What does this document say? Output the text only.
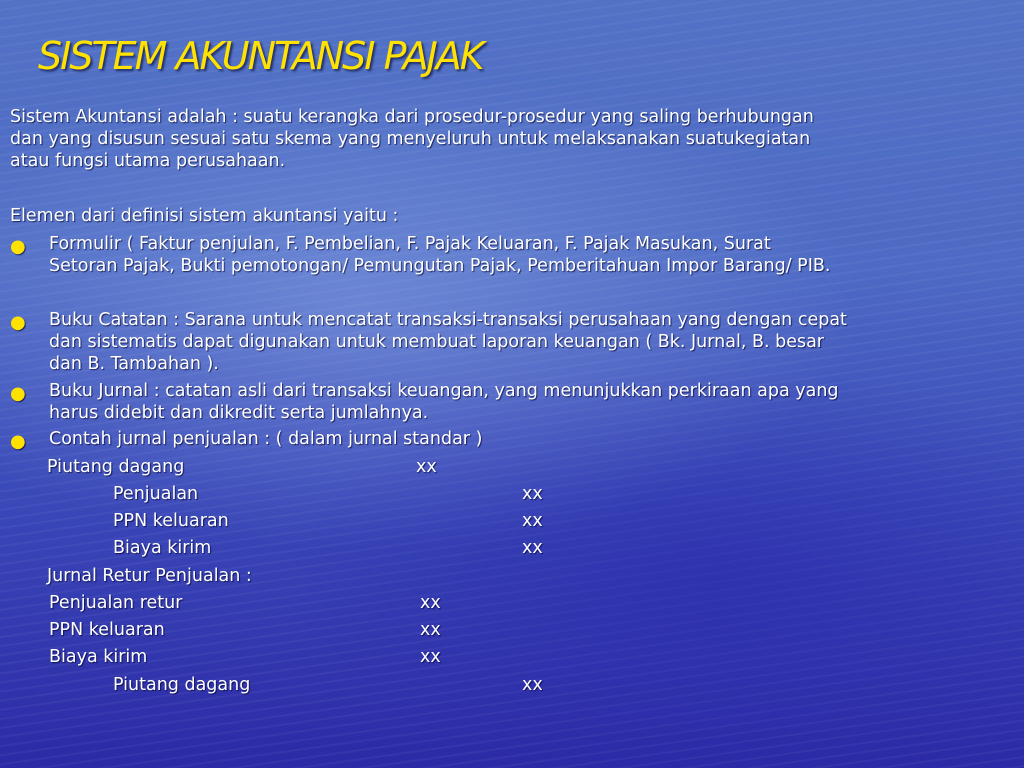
SISTEM AKUNTANSI PAJAK
Sistem Akuntansi adalah : suatu kerangka dari prosedur-prosedur yang saling berhubungan
dan yang disusun sesuai satu skema yang menyeluruh untuk melaksanakan suatukegiatan
atau fungsi utama perusahaan.
Elemen dari definisi sistem akuntansi yaitu :
● Formulir ( Faktur penjulan, F. Pembelian, F. Pajak Keluaran, F. Pajak Masukan, Surat
Setoran Pajak, Bukti pemotongan/ Pemungutan Pajak, Pemberitahuan Impor Barang/ PIB.
● Buku Catatan : Sarana untuk mencatat transaksi-transaksi perusahaan yang dengan cepat
dan sistematis dapat digunakan untuk membuat laporan keuangan ( Bk. Jurnal, B. besar
dan B. Tambahan ).
● Buku Jurnal : catatan asli dari transaksi keuangan, yang menunjukkan perkiraan apa yang
harus didebit dan dikredit serta jumlahnya.
● Contah jurnal penjualan : ( dalam jurnal standar )
Piutang dagang	xx
Penjualan	xx
PPN keluaran	xx
Biaya kirim	xx
Jurnal Retur Penjualan :
Penjualan retur	xx
PPN keluaran	xx
Biaya kirim	xx
Piutang dagang	xx
